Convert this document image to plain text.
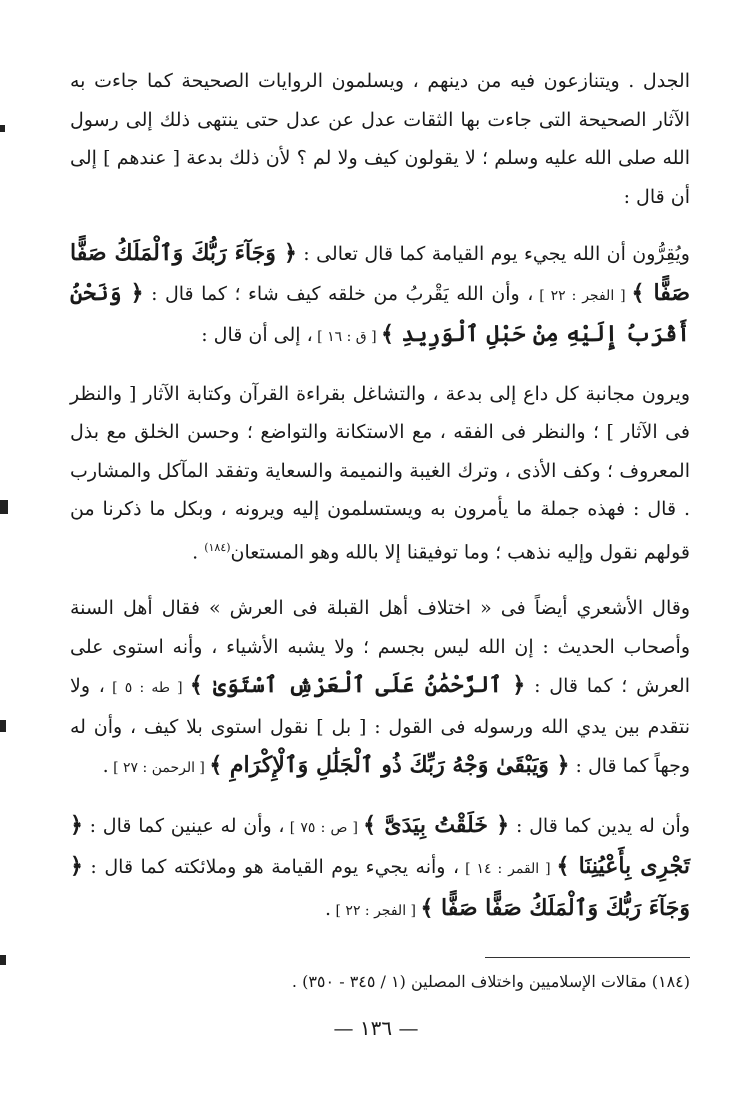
الجدل . ويتنازعون فيه من دينهم ، ويسلمون الروايات الصحيحة كما جاءت به الآثار الصحيحة التى جاءت بها الثقات عدل عن عدل حتى ينتهى ذلك إلى رسول الله صلى الله عليه وسلم ؛ لا يقولون كيف ولا لم ؟ لأن ذلك بدعة [ عندهم ] إلى أن قال :

ويُقِرُّون أن الله يجيء يوم القيامة كما قال تعالى : ﴿ وَجَآءَ رَبُّكَ وَٱلْمَلَكُ صَفًّا صَفًّا ﴾ [ الفجر : ٢٢ ] ، وأن الله يَقْربُ من خلقه كيف شاء ؛ كما قال : ﴿ وَنَحْنُ أَقْرَبُ إِلَيْهِ مِنْ حَبْلِ ٱلْوَرِيدِ ﴾ [ ق : ١٦ ] ، إلى أن قال :

ويرون مجانبة كل داع إلى بدعة ، والتشاغل بقراءة القرآن وكتابة الآثار [ والنظر فى الآثار ] ؛ والنظر فى الفقه ، مع الاستكانة والتواضع ؛ وحسن الخلق مع بذل المعروف ؛ وكف الأذى ، وترك الغيبة والنميمة والسعاية وتفقد المآكل والمشارب . قال : فهذه جملة ما يأمرون به ويستسلمون إليه ويرونه ، وبكل ما ذكرنا من قولهم نقول وإليه نذهب ؛ وما توفيقنا إلا بالله وهو المستعان$^{(١٨٤)}$ .

وقال الأشعري أيضاً فى « اختلاف أهل القبلة فى العرش » فقال أهل السنة وأصحاب الحديث : إن الله ليس بجسم ؛ ولا يشبه الأشياء ، وأنه استوى على العرش ؛ كما قال : ﴿ ٱلرَّحْمَٰنُ عَلَى ٱلْعَرْشِ ٱسْتَوَىٰ ﴾ [ طه : ٥ ] ، ولا نتقدم بين يدي الله ورسوله فى القول : [ بل ] نقول استوى بلا كيف ، وأن له وجهاً كما قال : ﴿ وَيَبْقَىٰ وَجْهُ رَبِّكَ ذُو ٱلْجَلَٰلِ وَٱلْإِكْرَامِ ﴾ [ الرحمن : ٢٧ ] .

وأن له يدين كما قال : ﴿ خَلَقْتُ بِيَدَىَّ ﴾ [ ص : ٧٥ ] ، وأن له عينين كما قال : ﴿ تَجْرِى بِأَعْيُنِنَا ﴾ [ القمر : ١٤ ] ، وأنه يجيء يوم القيامة هو وملائكته كما قال : ﴿ وَجَآءَ رَبُّكَ وَٱلْمَلَكُ صَفًّا صَفًّا ﴾ [ الفجر : ٢٢ ] .

(١٨٤) مقالات الإسلاميين واختلاف المصلين (١ / ٣٤٥ - ٣٥٠) .
— ١٣٦ —
